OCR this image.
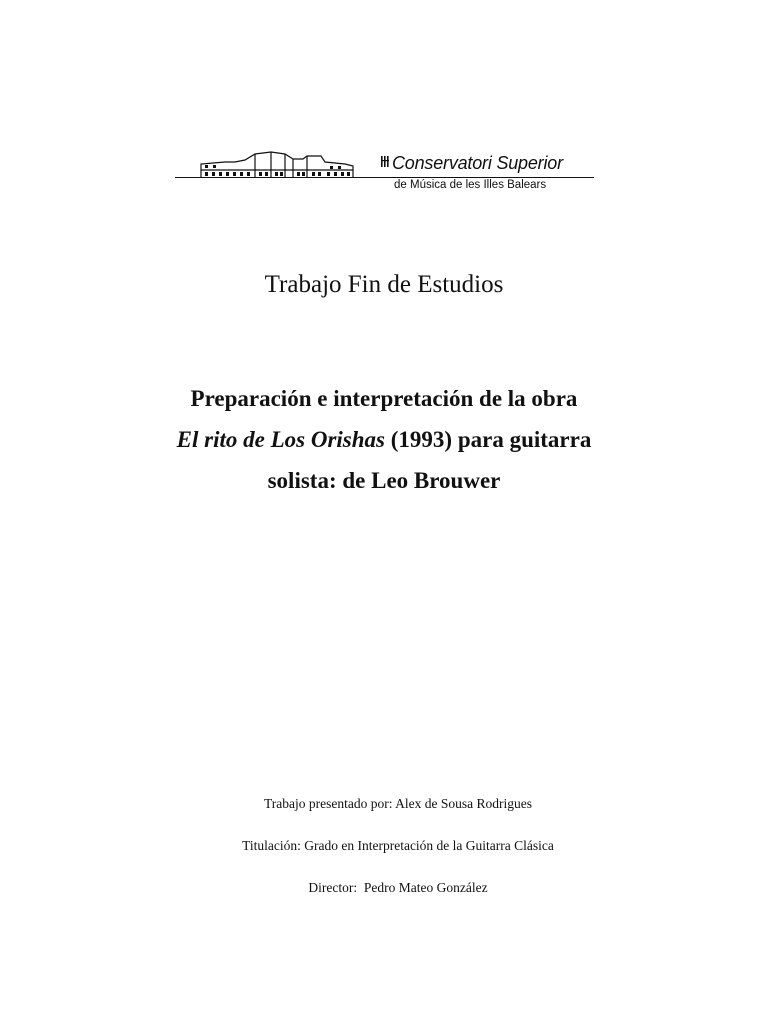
Conservatori Superior
de Música de les Illes Balears
Trabajo Fin de Estudios
Preparación e interpretación de la obra
El rito de Los Orishas (1993) para guitarra
solista: de Leo Brouwer
Trabajo presentado por: Alex de Sousa Rodrigues
Titulación: Grado en Interpretación de la Guitarra Clásica
Director: Pedro Mateo González
